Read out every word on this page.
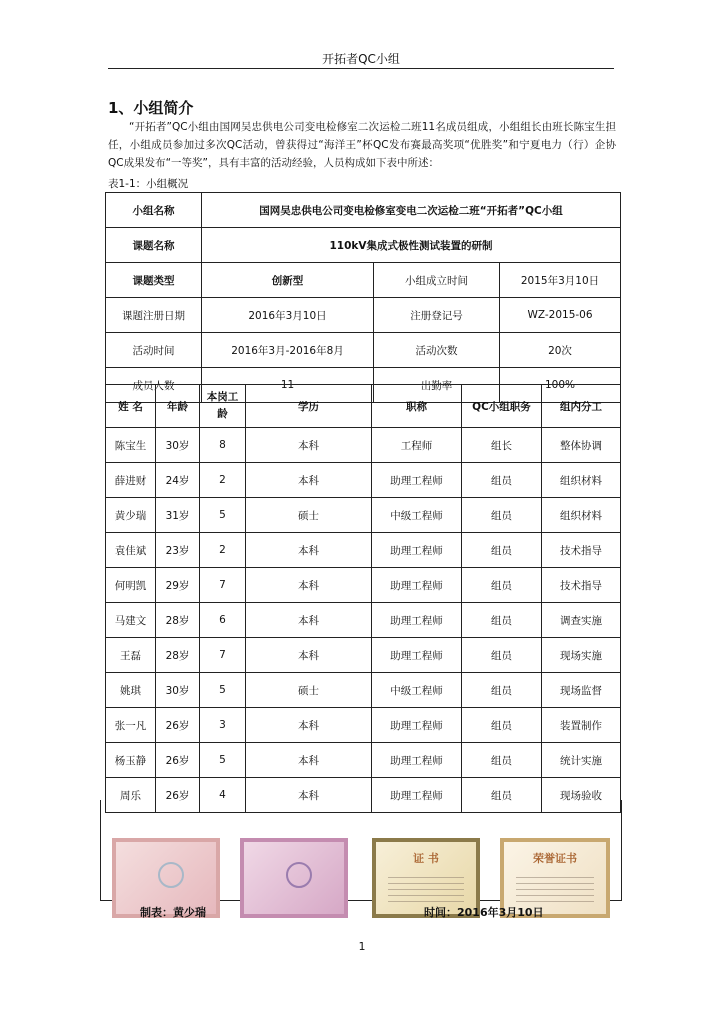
开拓者QC小组
1、小组简介
“开拓者”QC小组由国网吴忠供电公司变电检修室二次运检二班11名成员组成，小组组长由班长陈宝生担任，小组成员参加过多次QC活动，曾获得过“海洋王”杯QC发布赛最高奖项“优胜奖”和宁夏电力（行）企协QC成果发布“一等奖”，具有丰富的活动经验，人员构成如下表中所述：
表1-1：小组概况
小组名称	国网吴忠供电公司变电检修室变电二次运检二班“开拓者”QC小组		
课题名称	110kV集成式极性测试装置的研制		
课题类型	创新型	小组成立时间	2015年3月10日
课题注册日期	2016年3月10日	注册登记号	WZ-2015-06
活动时间	2016年3月-2016年8月	活动次数	20次
成员人数	11	出勤率	100%
姓 名	年龄	本岗工龄	学历	职称	QC小组职务	组内分工
陈宝生	30岁	8	本科	工程师	组长	整体协调
薛进财	24岁	2	本科	助理工程师	组员	组织材料
黄少瑞	31岁	5	硕士	中级工程师	组员	组织材料
袁佳斌	23岁	2	本科	助理工程师	组员	技术指导
何明凯	29岁	7	本科	助理工程师	组员	技术指导
马建文	28岁	6	本科	助理工程师	组员	调查实施
王磊	28岁	7	本科	助理工程师	组员	现场实施
姚琪	30岁	5	硕士	中级工程师	组员	现场监督
张一凡	26岁	3	本科	助理工程师	组员	装置制作
杨玉静	26岁	5	本科	助理工程师	组员	统计实施
周乐	26岁	4	本科	助理工程师	组员	现场验收
证 书	荣誉证书
制表：黄少瑞	时间：2016年3月10日
1
